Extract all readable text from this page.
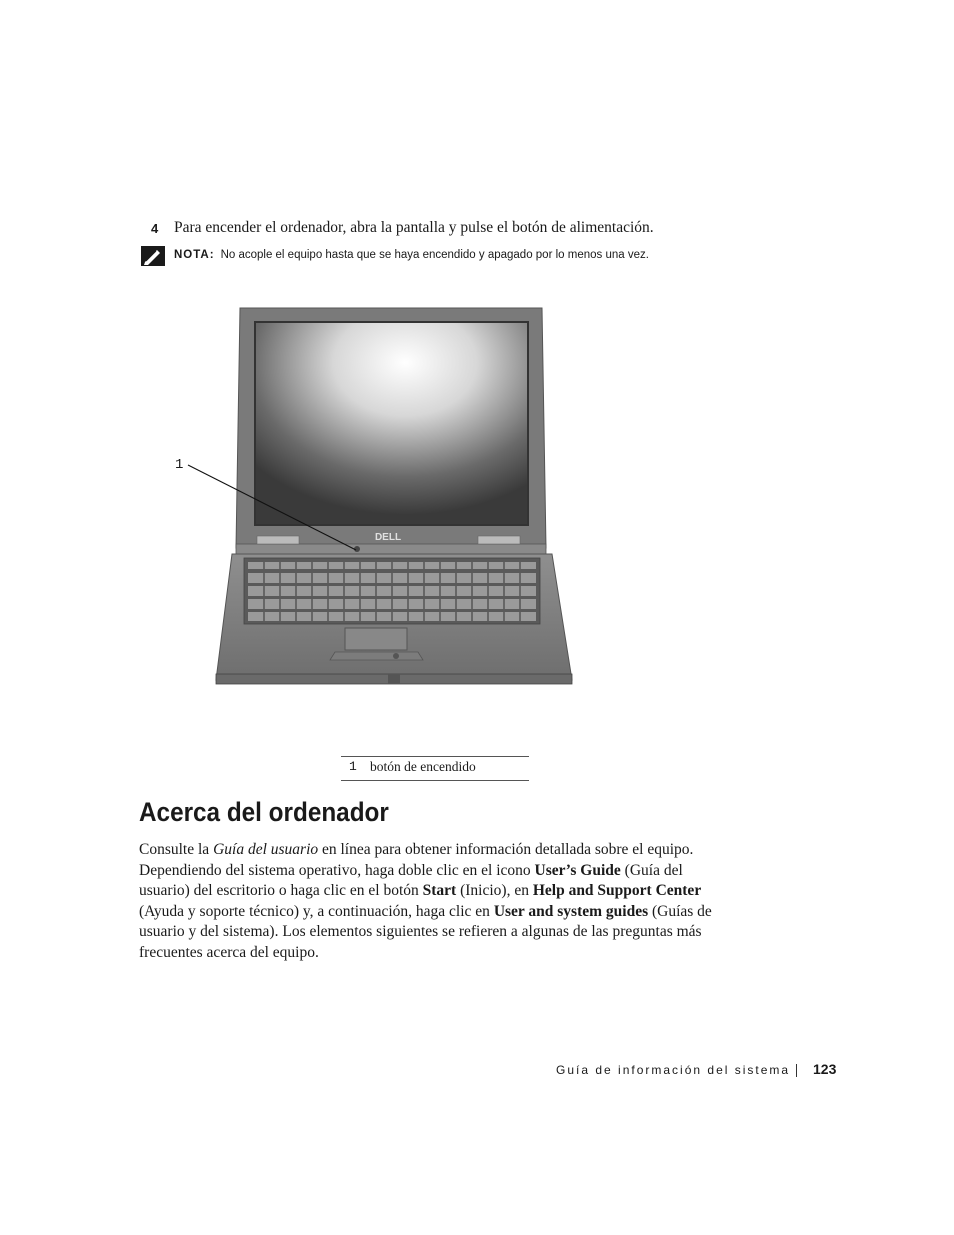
4 Para encender el ordenador, abra la pantalla y pulse el botón de alimentación.
NOTA: No acople el equipo hasta que se haya encendido y apagado por lo menos una vez.
DELL
1
1 botón de encendido
Acerca del ordenador
Consulte la Guía del usuario en línea para obtener información detallada sobre el equipo.
Dependiendo del sistema operativo, haga doble clic en el icono User’s Guide (Guía del
usuario) del escritorio o haga clic en el botón Start (Inicio), en Help and Support Center
(Ayuda y soporte técnico) y, a continuación, haga clic en User and system guides (Guías de
usuario y del sistema). Los elementos siguientes se refieren a algunas de las preguntas más
frecuentes acerca del equipo.
Guía de información del sistema 123
